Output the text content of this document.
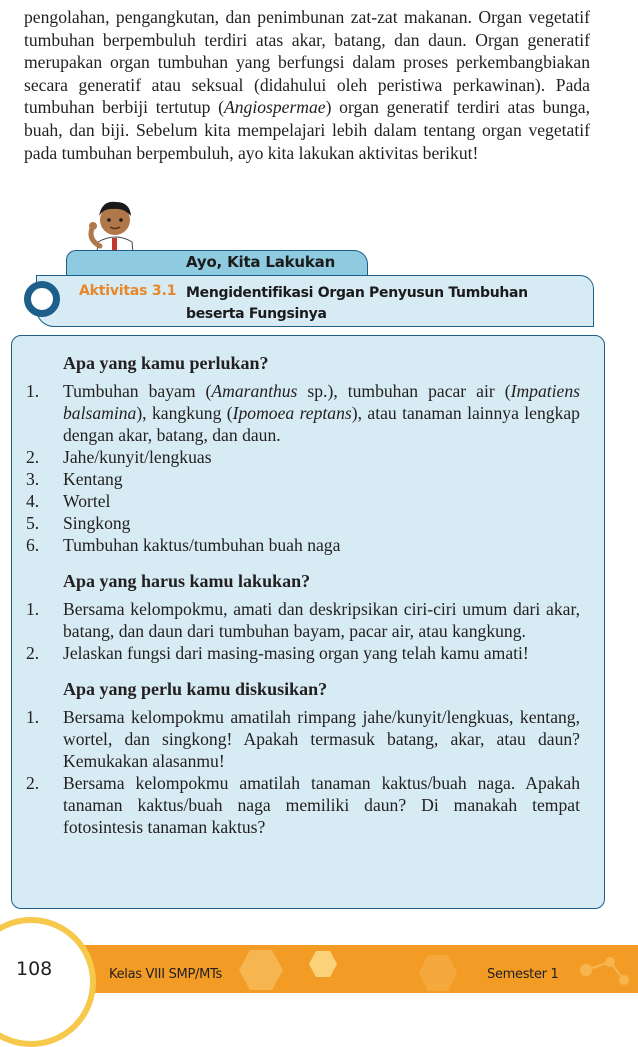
pengolahan, pengangkutan, dan penimbunan zat-zat makanan. Organ vegetatif tumbuhan berpembuluh terdiri atas akar, batang, dan daun. Organ generatif merupakan organ tumbuhan yang berfungsi dalam proses perkembangbiakan secara generatif atau seksual (didahului oleh peristiwa perkawinan). Pada tumbuhan berbiji tertutup (Angiospermae) organ generatif terdiri atas bunga, buah, dan biji. Sebelum kita mempelajari lebih dalam tentang organ vegetatif pada tumbuhan berpembuluh, ayo kita lakukan aktivitas berikut!

Ayo, Kita Lakukan
Aktivitas 3.1 Mengidentifikasi Organ Penyusun Tumbuhan
beserta Fungsinya
Apa yang kamu perlukan?
1.	Tumbuhan bayam (Amaranthus sp.), tumbuhan pacar air (Impatiens balsamina), kangkung (Ipomoea reptans), atau tanaman lainnya lengkap dengan akar, batang, dan daun.
2.	Jahe/kunyit/lengkuas
3.	Kentang
4.	Wortel
5.	Singkong
6.	Tumbuhan kaktus/tumbuhan buah naga
Apa yang harus kamu lakukan?
1.	Bersama kelompokmu, amati dan deskripsikan ciri-ciri umum dari akar, batang, dan daun dari tumbuhan bayam, pacar air, atau kangkung.
2.	Jelaskan fungsi dari masing-masing organ yang telah kamu amati!
Apa yang perlu kamu diskusikan?
1.	Bersama kelompokmu amatilah rimpang jahe/kunyit/lengkuas, kentang, wortel, dan singkong! Apakah termasuk batang, akar, atau daun? Kemukakan alasanmu!
2.	Bersama kelompokmu amatilah tanaman kaktus/buah naga. Apakah tanaman kaktus/buah naga memiliki daun? Di manakah tempat fotosintesis tanaman kaktus?
108	Kelas VIII SMP/MTs	Semester 1
